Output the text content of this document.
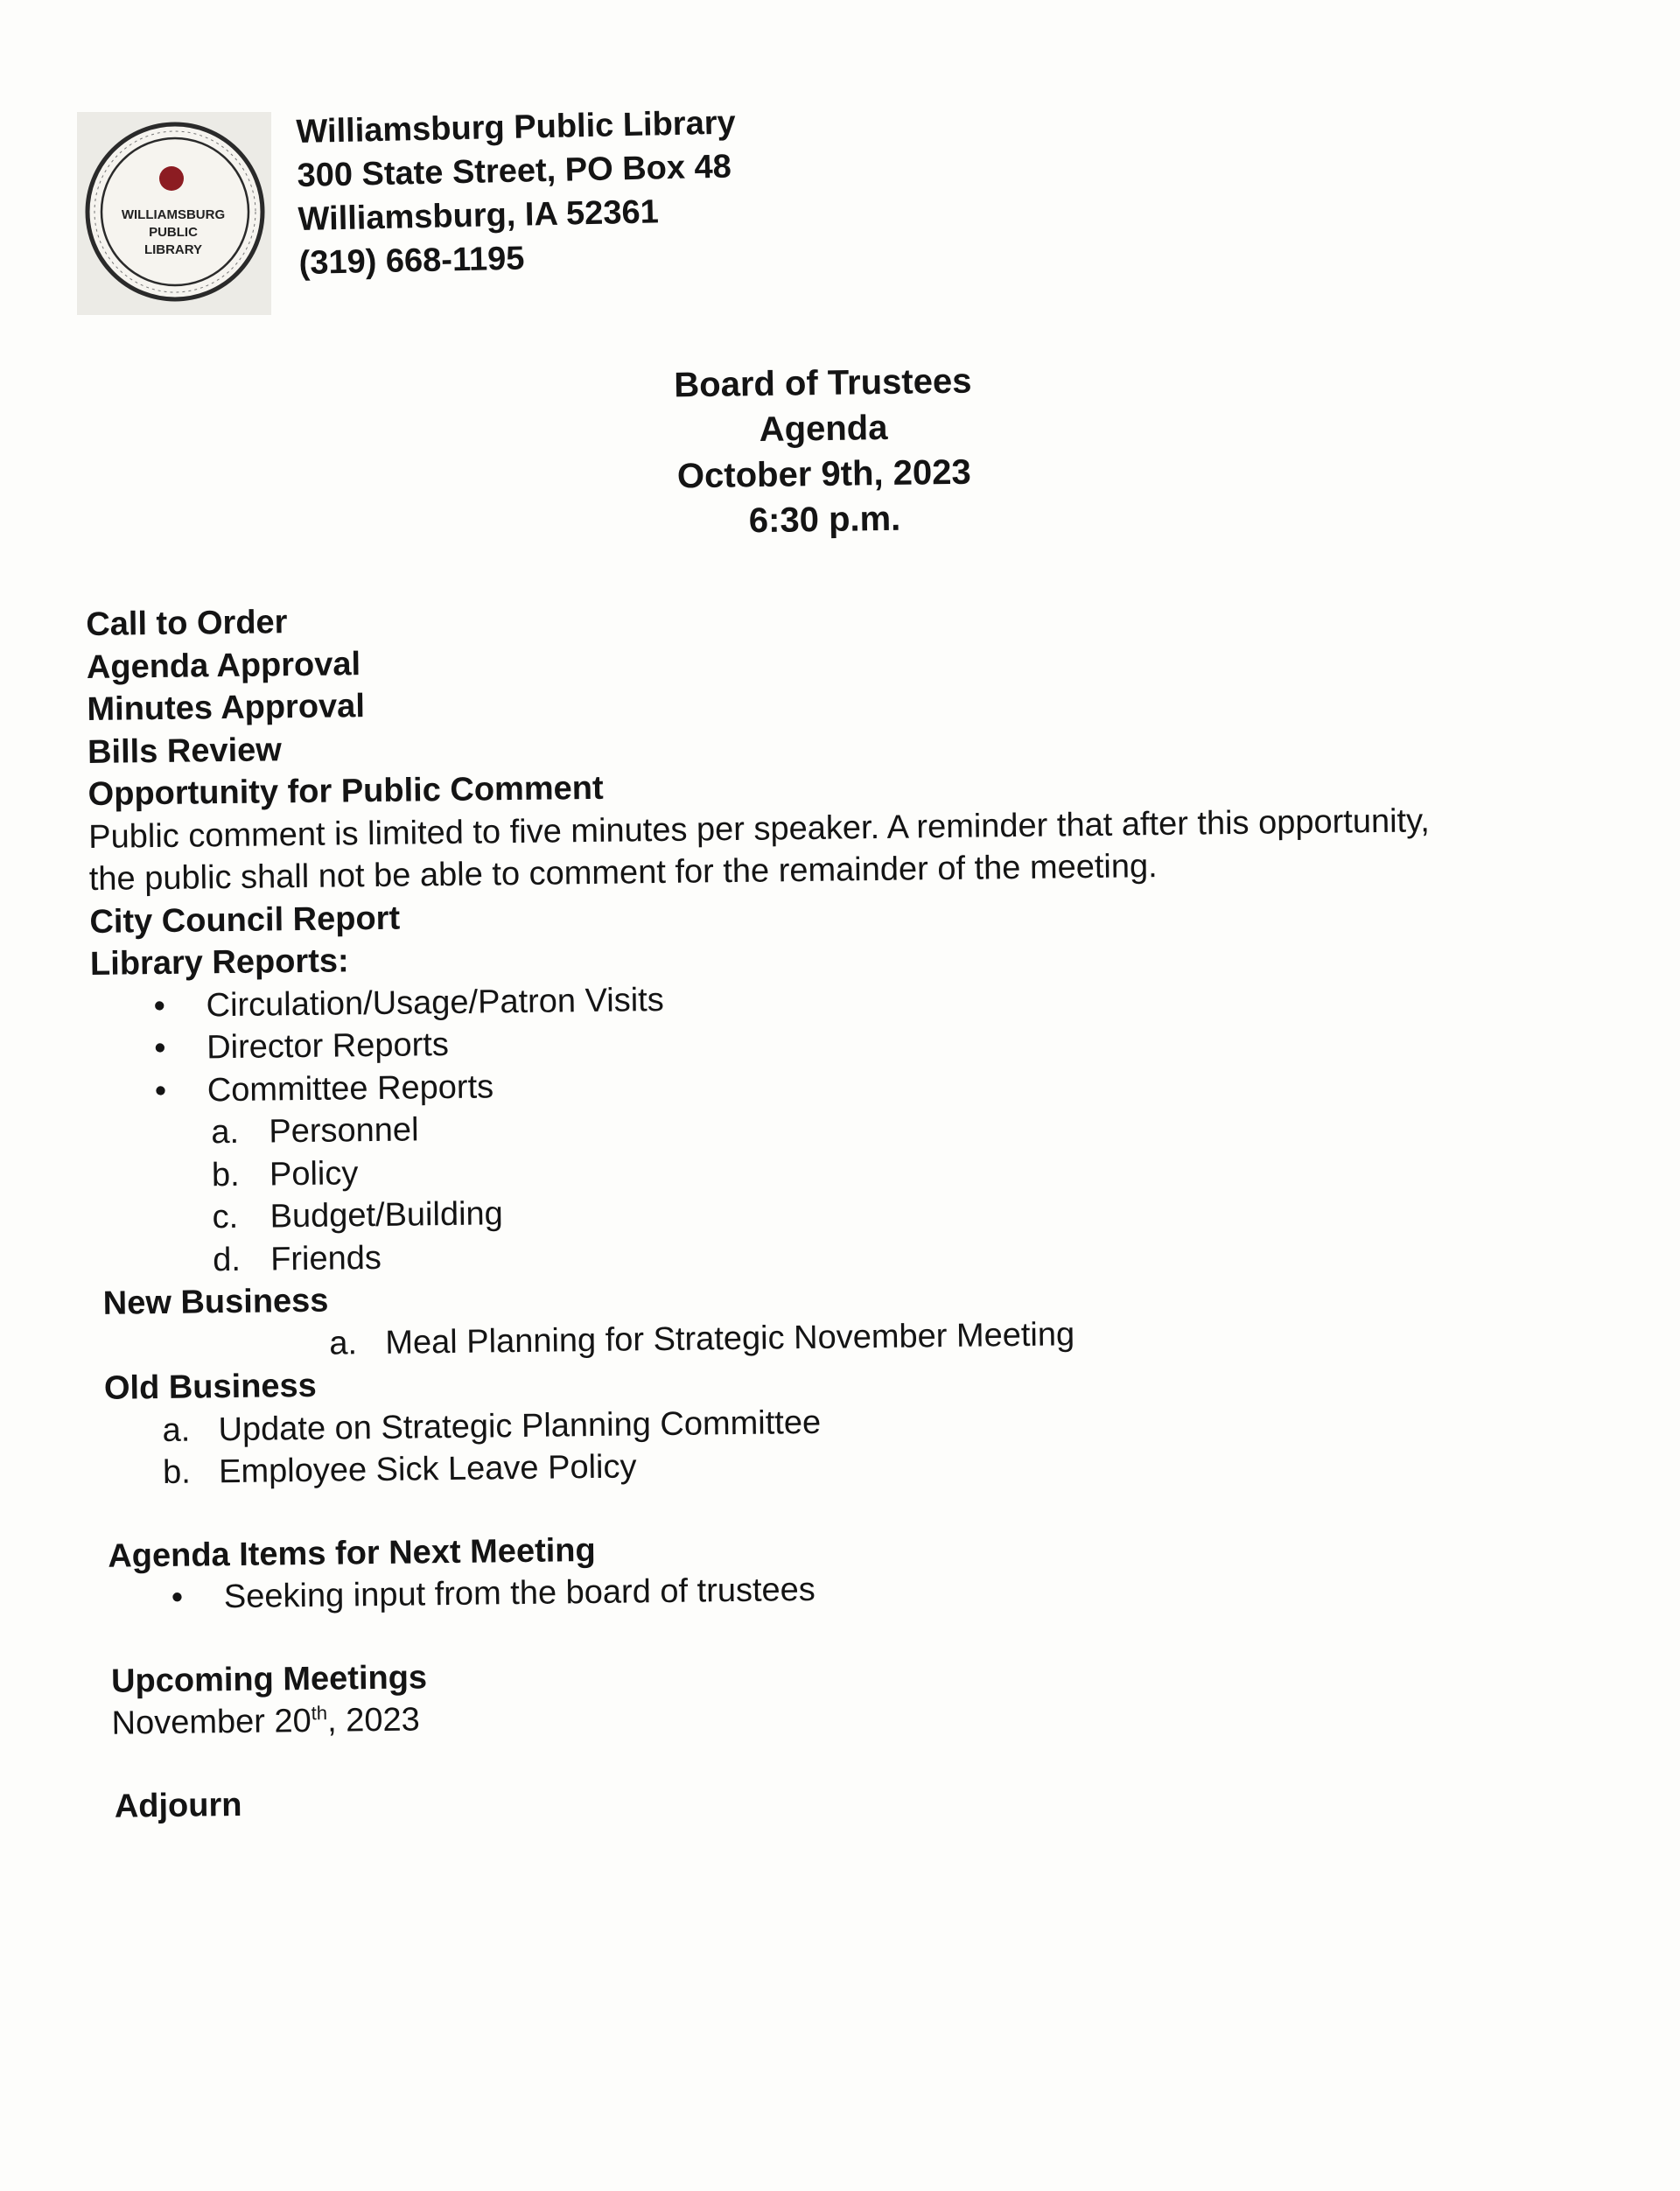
WILLIAMSBURG
PUBLIC
LIBRARY
Williamsburg Public Library
300 State Street, PO Box 48
Williamsburg, IA 52361
(319) 668-1195
Board of Trustees
Agenda
October 9th, 2023
6:30 p.m.
Call to Order
Agenda Approval
Minutes Approval
Bills Review
Opportunity for Public Comment
Public comment is limited to five minutes per speaker. A reminder that after this opportunity,
the public shall not be able to comment for the remainder of the meeting.
City Council Report
Library Reports:
• Circulation/Usage/Patron Visits
• Director Reports
• Committee Reports
a. Personnel
b. Policy
c. Budget/Building
d. Friends
New Business
a. Meal Planning for Strategic November Meeting
Old Business
a. Update on Strategic Planning Committee
b. Employee Sick Leave Policy
Agenda Items for Next Meeting
• Seeking input from the board of trustees
Upcoming Meetings
November 20th, 2023
Adjourn
